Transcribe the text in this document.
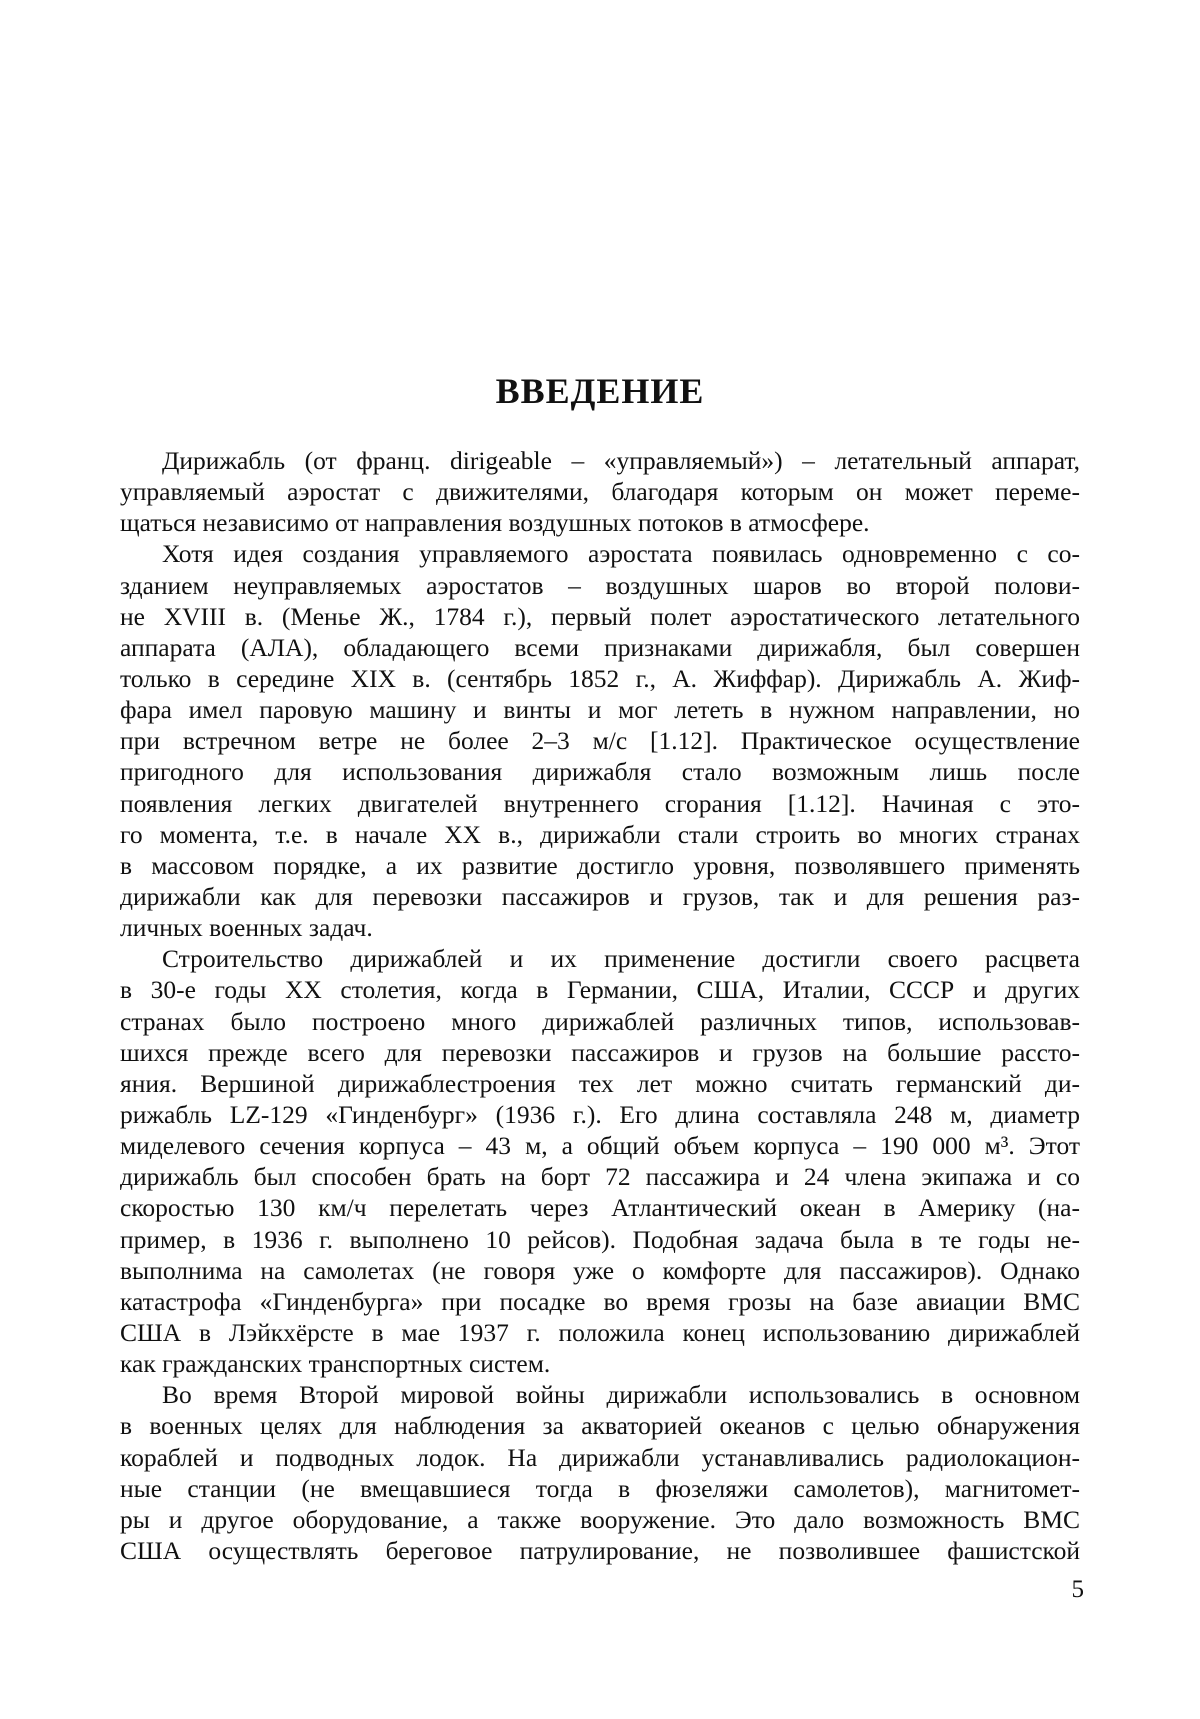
ВВЕДЕНИЕ
Дирижабль (от франц. dirigeable – «управляемый») – летательный аппарат,
управляемый аэростат с движителями, благодаря которым он может переме-
щаться независимо от направления воздушных потоков в атмосфере.
Хотя идея создания управляемого аэростата появилась одновременно с со-
зданием неуправляемых аэростатов – воздушных шаров во второй полови-
не XVIII в. (Менье Ж., 1784 г.), первый полет аэростатического летательного
аппарата (АЛА), обладающего всеми признаками дирижабля, был совершен
только в середине XIX в. (сентябрь 1852 г., А. Жиффар). Дирижабль А. Жиф-
фара имел паровую машину и винты и мог лететь в нужном направлении, но
при встречном ветре не более 2–3 м/с [1.12]. Практическое осуществление
пригодного для использования дирижабля стало возможным лишь после
появления легких двигателей внутреннего сгорания [1.12]. Начиная с это-
го момента, т.е. в начале XX в., дирижабли стали строить во многих странах
в массовом порядке, а их развитие достигло уровня, позволявшего применять
дирижабли как для перевозки пассажиров и грузов, так и для решения раз-
личных военных задач.
Строительство дирижаблей и их применение достигли своего расцвета
в 30-е годы XX столетия, когда в Германии, США, Италии, СССР и других
странах было построено много дирижаблей различных типов, использовав-
шихся прежде всего для перевозки пассажиров и грузов на большие рассто-
яния. Вершиной дирижаблестроения тех лет можно считать германский ди-
рижабль LZ-129 «Гинденбург» (1936 г.). Его длина составляла 248 м, диаметр
миделевого сечения корпуса – 43 м, а общий объем корпуса – 190 000 м³. Этот
дирижабль был способен брать на борт 72 пассажира и 24 члена экипажа и со
скоростью 130 км/ч перелетать через Атлантический океан в Америку (на-
пример, в 1936 г. выполнено 10 рейсов). Подобная задача была в те годы не-
выполнима на самолетах (не говоря уже о комфорте для пассажиров). Однако
катастрофа «Гинденбурга» при посадке во время грозы на базе авиации ВМС
США в Лэйкхёрсте в мае 1937 г. положила конец использованию дирижаблей
как гражданских транспортных систем.
Во время Второй мировой войны дирижабли использовались в основном
в военных целях для наблюдения за акваторией океанов с целью обнаружения
кораблей и подводных лодок. На дирижабли устанавливались радиолокацион-
ные станции (не вмещавшиеся тогда в фюзеляжи самолетов), магнитомет-
ры и другое оборудование, а также вооружение. Это дало возможность ВМС
США осуществлять береговое патрулирование, не позволившее фашистской
5
